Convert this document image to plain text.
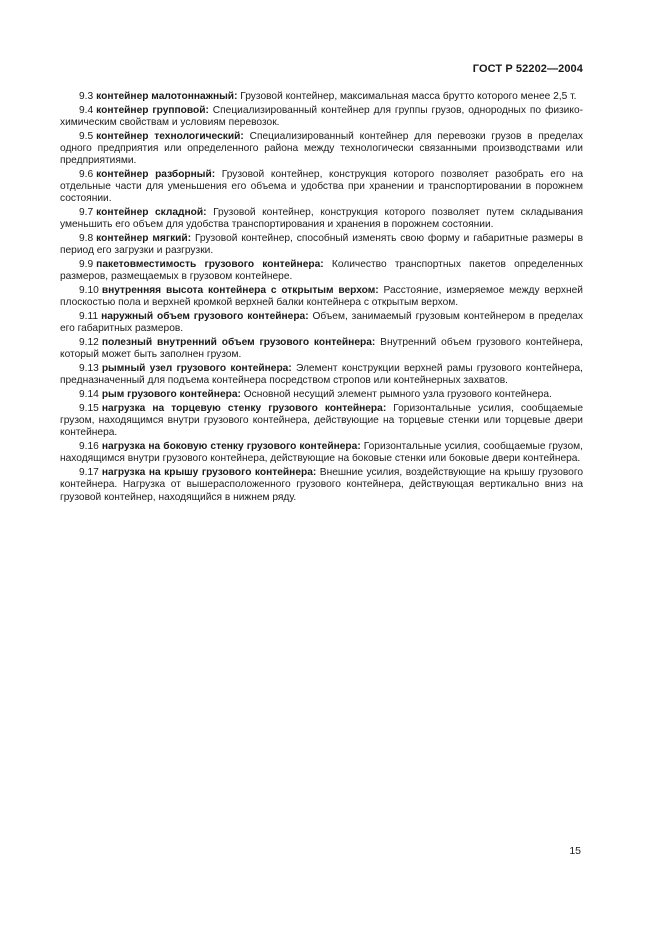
ГОСТ Р 52202—2004

9.3 контейнер малотоннажный: Грузовой контейнер, максимальная масса брутто которого менее 2,5 т.

9.4 контейнер групповой: Специализированный контейнер для группы грузов, однородных по физико-химическим свойствам и условиям перевозок.

9.5 контейнер технологический: Специализированный контейнер для перевозки грузов в пределах одного предприятия или определенного района между технологически связанными производствами или предприятиями.

9.6 контейнер разборный: Грузовой контейнер, конструкция которого позволяет разобрать его на отдельные части для уменьшения его объема и удобства при хранении и транспортировании в порожнем состоянии.

9.7 контейнер складной: Грузовой контейнер, конструкция которого позволяет путем складывания уменьшить его объем для удобства транспортирования и хранения в порожнем состоянии.

9.8 контейнер мягкий: Грузовой контейнер, способный изменять свою форму и габаритные размеры в период его загрузки и разгрузки.

9.9 пакетовместимость грузового контейнера: Количество транспортных пакетов определенных размеров, размещаемых в грузовом контейнере.

9.10 внутренняя высота контейнера с открытым верхом: Расстояние, измеряемое между верхней плоскостью пола и верхней кромкой верхней балки контейнера с открытым верхом.

9.11 наружный объем грузового контейнера: Объем, занимаемый грузовым контейнером в пределах его габаритных размеров.

9.12 полезный внутренний объем грузового контейнера: Внутренний объем грузового контейнера, который может быть заполнен грузом.

9.13 рымный узел грузового контейнера: Элемент конструкции верхней рамы грузового контейнера, предназначенный для подъема контейнера посредством стропов или контейнерных захватов.

9.14 рым грузового контейнера: Основной несущий элемент рымного узла грузового контейнера.

9.15 нагрузка на торцевую стенку грузового контейнера: Горизонтальные усилия, сообщаемые грузом, находящимся внутри грузового контейнера, действующие на торцевые стенки или торцевые двери контейнера.

9.16 нагрузка на боковую стенку грузового контейнера: Горизонтальные усилия, сообщаемые грузом, находящимся внутри грузового контейнера, действующие на боковые стенки или боковые двери контейнера.

9.17 нагрузка на крышу грузового контейнера: Внешние усилия, воздействующие на крышу грузового контейнера. Нагрузка от вышерасположенного грузового контейнера, действующая вертикально вниз на грузовой контейнер, находящийся в нижнем ряду.

15
